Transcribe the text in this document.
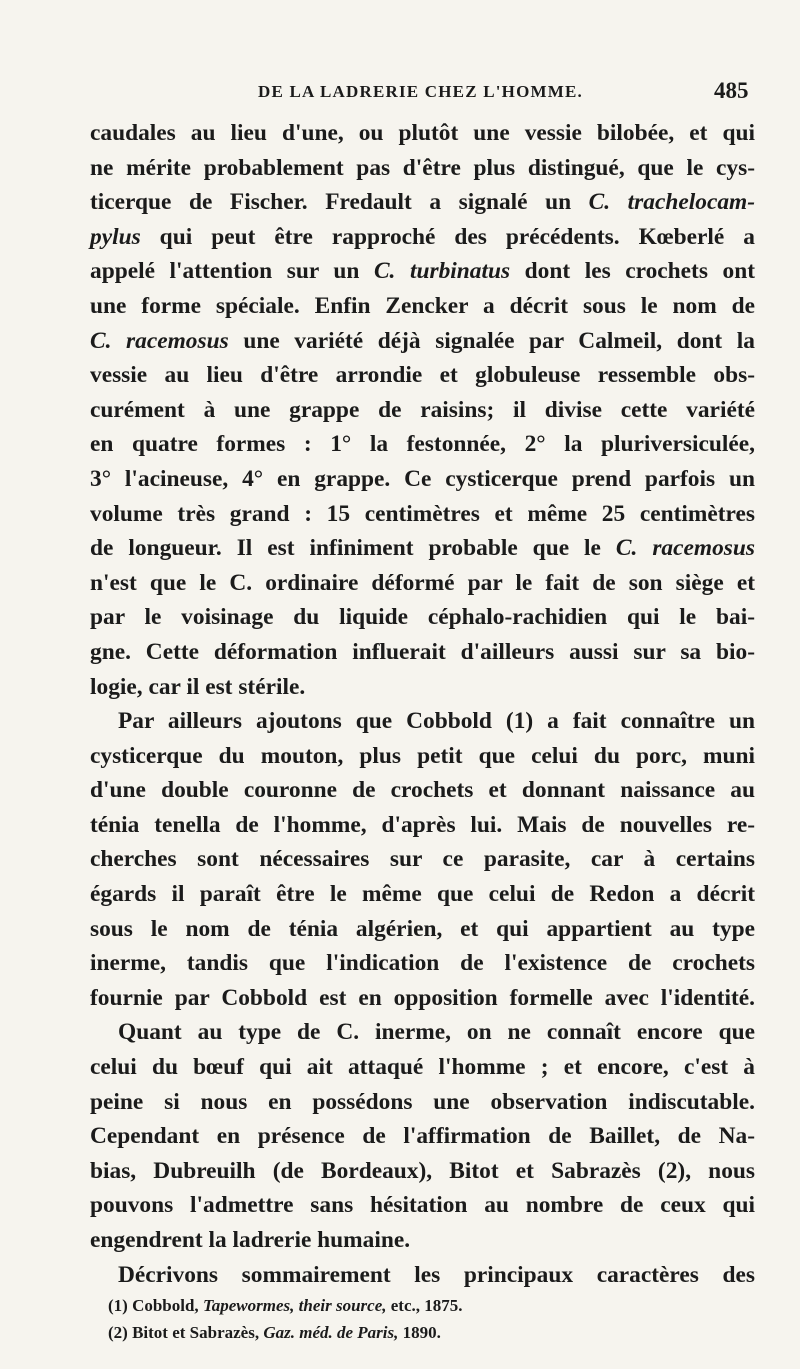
DE LA LADRERIE CHEZ L'HOMME.	485
caudales au lieu d'une, ou plutôt une vessie bilobée, et qui
ne mérite probablement pas d'être plus distingué, que le cys-
ticerque de Fischer. Fredault a signalé un C. trachelocam-
pylus qui peut être rapproché des précédents. Kœberlé a
appelé l'attention sur un C. turbinatus dont les crochets ont
une forme spéciale. Enfin Zencker a décrit sous le nom de
C. racemosus une variété déjà signalée par Calmeil, dont la
vessie au lieu d'être arrondie et globuleuse ressemble obs-
curément à une grappe de raisins; il divise cette variété
en quatre formes : 1° la festonnée, 2° la pluriversiculée,
3° l'acineuse, 4° en grappe. Ce cysticerque prend parfois un
volume très grand : 15 centimètres et même 25 centimètres
de longueur. Il est infiniment probable que le C. racemosus
n'est que le C. ordinaire déformé par le fait de son siège et
par le voisinage du liquide céphalo-rachidien qui le bai-
gne. Cette déformation influerait d'ailleurs aussi sur sa bio-
logie, car il est stérile.
Par ailleurs ajoutons que Cobbold (1) a fait connaître un
cysticerque du mouton, plus petit que celui du porc, muni
d'une double couronne de crochets et donnant naissance au
ténia tenella de l'homme, d'après lui. Mais de nouvelles re-
cherches sont nécessaires sur ce parasite, car à certains
égards il paraît être le même que celui de Redon a décrit
sous le nom de ténia algérien, et qui appartient au type
inerme, tandis que l'indication de l'existence de crochets
fournie par Cobbold est en opposition formelle avec l'identité.
Quant au type de C. inerme, on ne connaît encore que
celui du bœuf qui ait attaqué l'homme ; et encore, c'est à
peine si nous en possédons une observation indiscutable.
Cependant en présence de l'affirmation de Baillet, de Na-
bias, Dubreuilh (de Bordeaux), Bitot et Sabrazès (2), nous
pouvons l'admettre sans hésitation au nombre de ceux qui
engendrent la ladrerie humaine.
Décrivons sommairement les principaux caractères des
(1) Cobbold, Tapewormes, their source, etc., 1875.
(2) Bitot et Sabrazès, Gaz. méd. de Paris, 1890.
